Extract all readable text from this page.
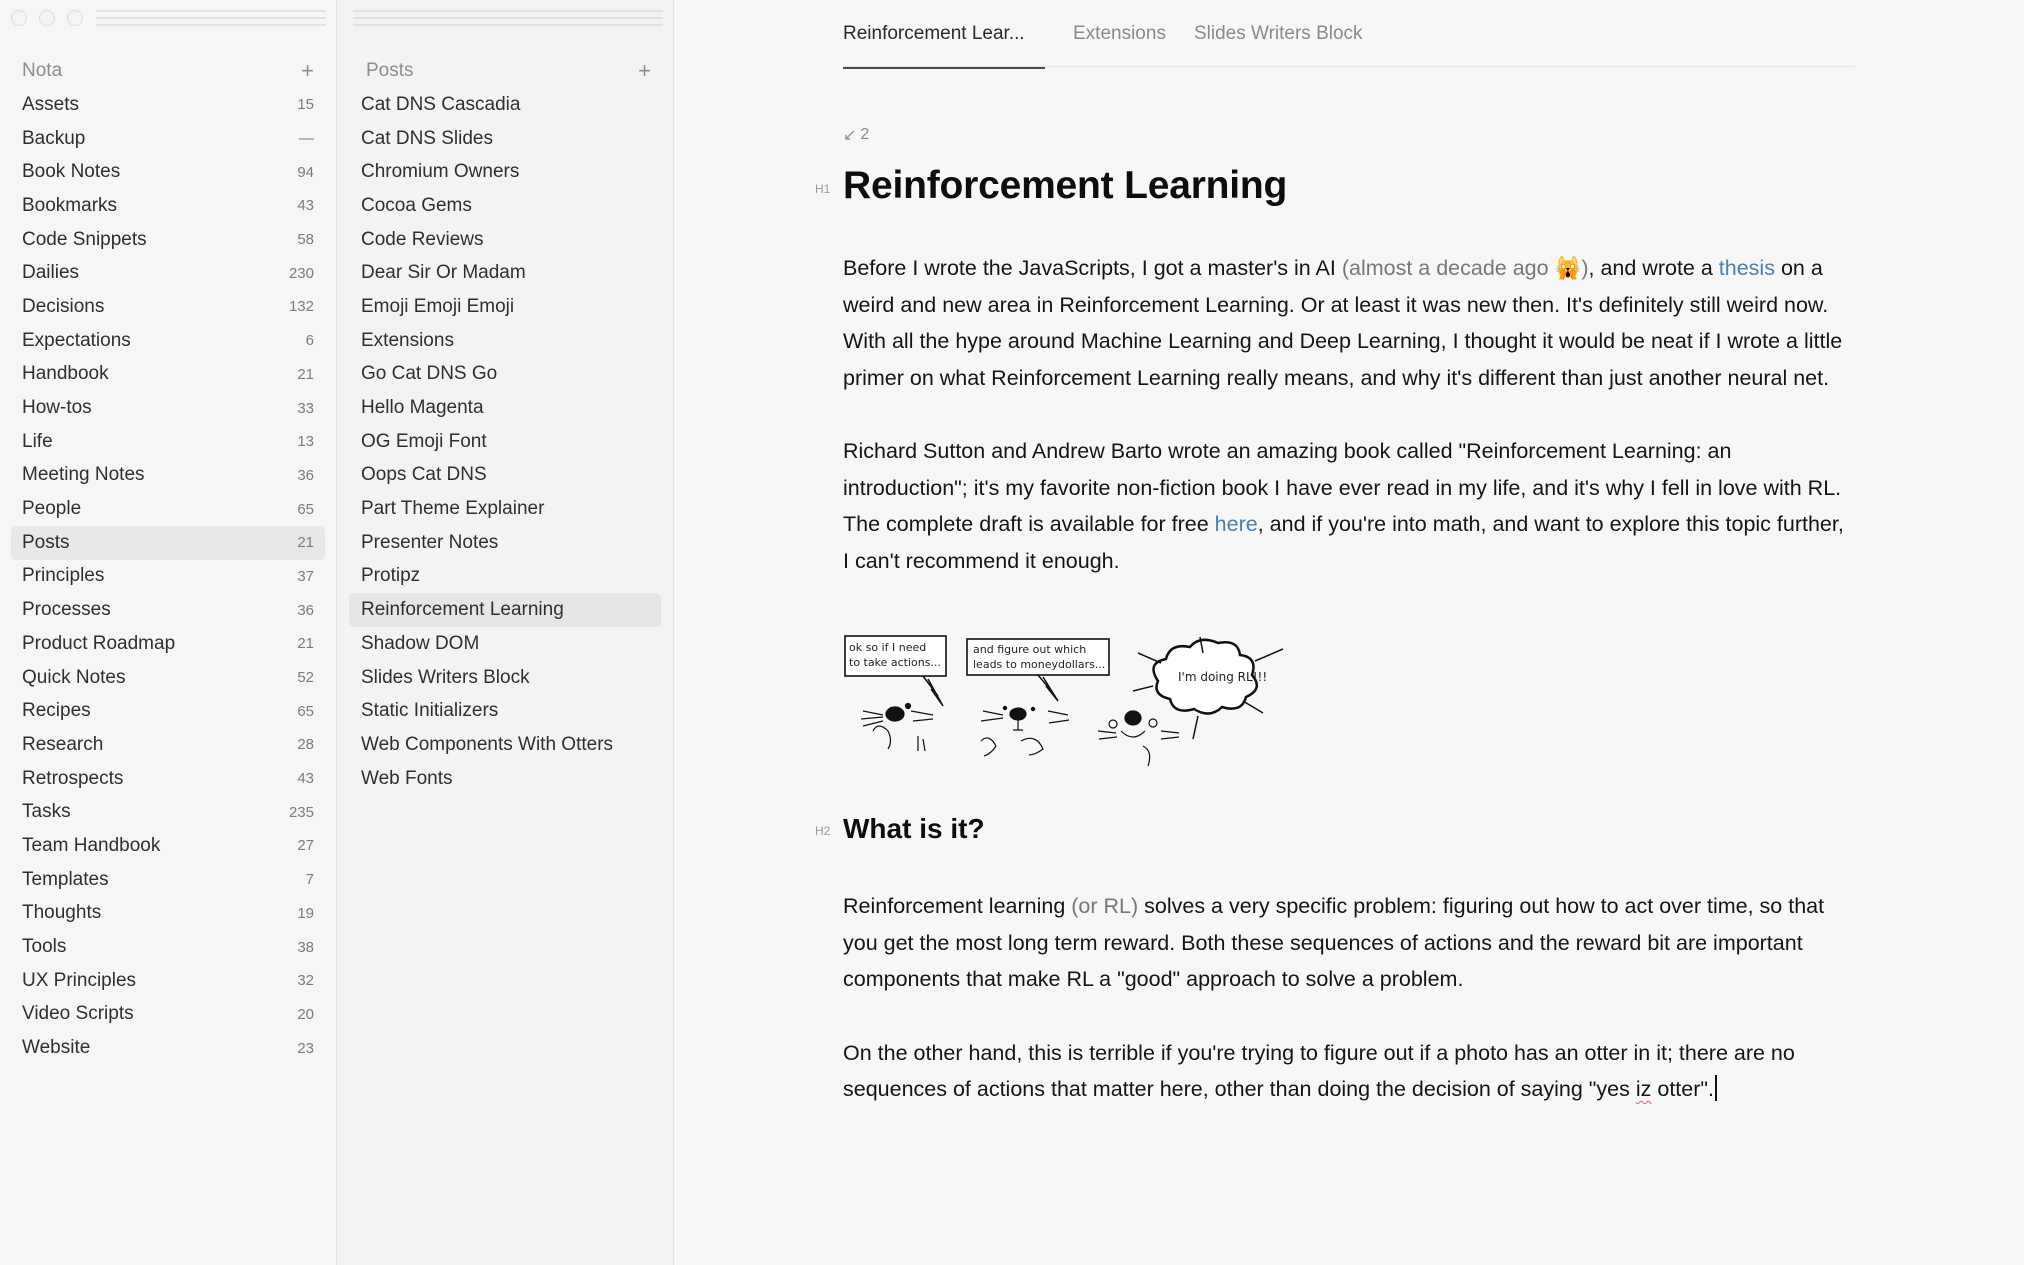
Nota	+
Assets	15
Backup	—
Book Notes	94
Bookmarks	43
Code Snippets	58
Dailies	230
Decisions	132
Expectations	6
Handbook	21
How-tos	33
Life	13
Meeting Notes	36
People	65
Posts	21
Principles	37
Processes	36
Product Roadmap	21
Quick Notes	52
Recipes	65
Research	28
Retrospects	43
Tasks	235
Team Handbook	27
Templates	7
Thoughts	19
Tools	38
UX Principles	32
Video Scripts	20
Website	23
Posts	+
Cat DNS Cascadia
Cat DNS Slides
Chromium Owners
Cocoa Gems
Code Reviews
Dear Sir Or Madam
Emoji Emoji Emoji
Extensions
Go Cat DNS Go
Hello Magenta
OG Emoji Font
Oops Cat DNS
Part Theme Explainer
Presenter Notes
Protipz
Reinforcement Learning
Shadow DOM
Slides Writers Block
Static Initializers
Web Components With Otters
Web Fonts
Reinforcement Lear...	Extensions Slides Writers Block
↙ 2
H1 Reinforcement Learning

Before I wrote the JavaScripts, I got a master's in AI (almost a decade ago 🙀), and wrote a thesis on a weird and new area in Reinforcement Learning. Or at least it was new then. It's definitely still weird now. With all the hype around Machine Learning and Deep Learning, I thought it would be neat if I wrote a little primer on what Reinforcement Learning really means, and why it's different than just another neural net.

Richard Sutton and Andrew Barto wrote an amazing book called "Reinforcement Learning: an introduction"; it's my favorite non-fiction book I have ever read in my life, and it's why I fell in love with RL. The complete draft is available for free here, and if you're into math, and want to explore this topic further, I can't recommend it enough.

ok so if I need
to take actions...
and figure out which
leads to moneydollars...
I'm doing RL!!!
H2 What is it?

Reinforcement learning (or RL) solves a very specific problem: figuring out how to act over time, so that you get the most long term reward. Both these sequences of actions and the reward bit are important components that make RL a "good" approach to solve a problem.

On the other hand, this is terrible if you're trying to figure out if a photo has an otter in it; there are no sequences of actions that matter here, other than doing the decision of saying "yes iz otter".
